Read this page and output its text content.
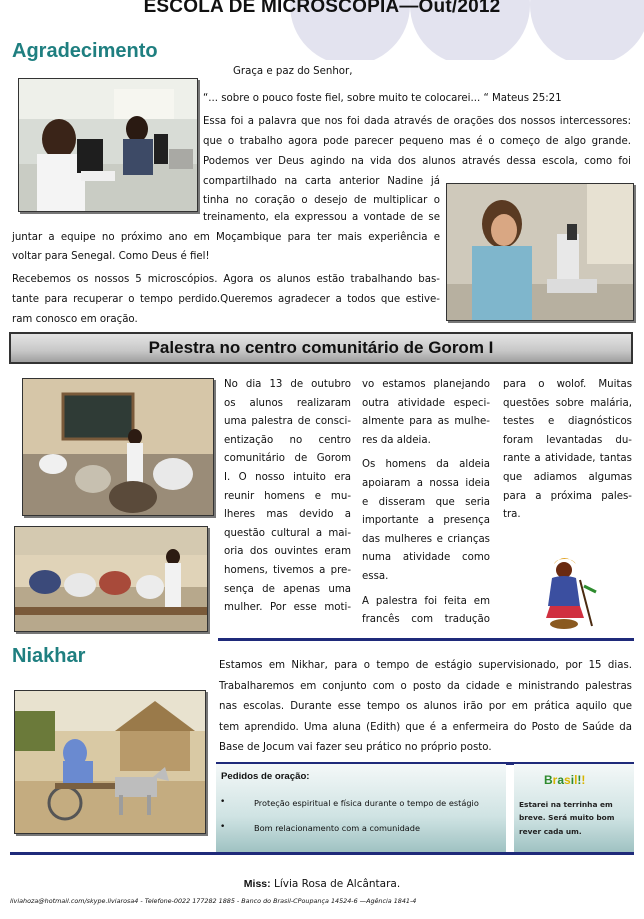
ESCOLA DE MICROSCOPIA—Out/2012
Agradecimento
Graça e paz do Senhor,
“... sobre o pouco foste fiel, sobre muito te colocarei... “ Mateus 25:21
Essa foi a palavra que nos foi dada através de orações dos nossos intercessores:
que o trabalho agora pode parecer pequeno mas é o começo de algo grande.
Podemos ver Deus agindo na vida dos alunos através dessa escola, como foi
compartilhado na carta anterior Nadine já
tinha no coração o desejo de multiplicar o
treinamento, ela expressou a vontade de se
juntar a equipe no próximo ano em Moçambique para ter mais experiência e
voltar para Senegal. Como Deus é fiel!
Recebemos os nossos 5 microscópios. Agora os alunos estão trabalhando bas-
tante para recuperar o tempo perdido.Queremos agradecer a todos que estive-
ram conosco em oração.
Palestra no centro comunitário de Gorom I
No dia 13 de outubro
os alunos realizaram
uma palestra de consci-
entização no centro
comunitário de Gorom
I. O nosso intuito era
reunir homens e mu-
lheres mas devido a
questão cultural a mai-
oria dos ouvintes eram
homens, tivemos a pre-
sença de apenas uma
mulher. Por esse moti-
vo estamos planejando
outra atividade especi-
almente para as mulhe-
res da aldeia.
Os homens da aldeia
apoiaram a nossa ideia
e disseram que seria
importante a presença
das mulheres e crianças
numa atividade como
essa.
A palestra foi feita em
francês com tradução
para o wolof. Muitas
questões sobre malária,
testes e diagnósticos
foram levantadas du-
rante a atividade, tantas
que adiamos algumas
para a próxima pales-
tra.
Niakhar	Estamos em Nikhar, para o tempo de estágio supervisionado, por 15 dias.
Trabalharemos em conjunto com o posto da cidade e ministrando palestras
nas escolas. Durante esse tempo os alunos irão por em prática aquilo que
tem aprendido. Uma aluna (Edith) que é a enfermeira do Posto de Saúde da
Base de Jocum vai fazer seu prático no próprio posto.
Pedidos de oração:
•	Proteção espiritual e física durante o tempo de estágio
•	Bom relacionamento com a comunidade
Brasil!!
Estarei na terrinha em
breve. Será muito bom
rever cada um.
Miss: Lívia Rosa de Alcântara.
liviahoza@hotmail.com/skype.liviarosa4 - Telefone-0022 177282 1885 - Banco do Brasil-CPoupança 14524-6 —Agência 1841-4
